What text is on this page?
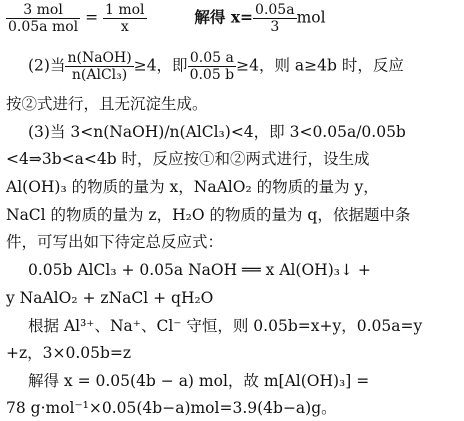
$\frac{\text{3 mol}}{\text{0.05a mol}} = \frac{\text{1 mol}}{x}$	解得 $x= \frac{0.05a}{3}$ mol
(2)当 $\frac{\text{n(NaOH)}}{\text{n(AlCl₃)}} \ge 4$，即 $\frac{0.05 a}{0.05 b} \ge 4$，则 a≥4b 时，反应
按②式进行，且无沉淀生成。
(3)当 3<n(NaOH)/n(AlCl₃)<4，即 3<0.05a/0.05b
<4⇒3b<a<4b 时，反应按①和②两式进行，设生成
Al(OH)₃ 的物质的量为 x，NaAlO₂ 的物质的量为 y，
NaCl 的物质的量为 z，H₂O 的物质的量为 q，依据题中条
件，可写出如下待定总反应式：
0.05b AlCl₃ + 0.05a NaOH ══ x Al(OH)₃↓ +
y NaAlO₂ + zNaCl + qH₂O
根据 Al³⁺、Na⁺、Cl⁻ 守恒，则 0.05b=x+y，0.05a=y
+z，3×0.05b=z
解得 x = 0.05(4b − a) mol，故 m[Al(OH)₃] =
78 g·mol⁻¹×0.05(4b−a)mol=3.9(4b−a)g。
